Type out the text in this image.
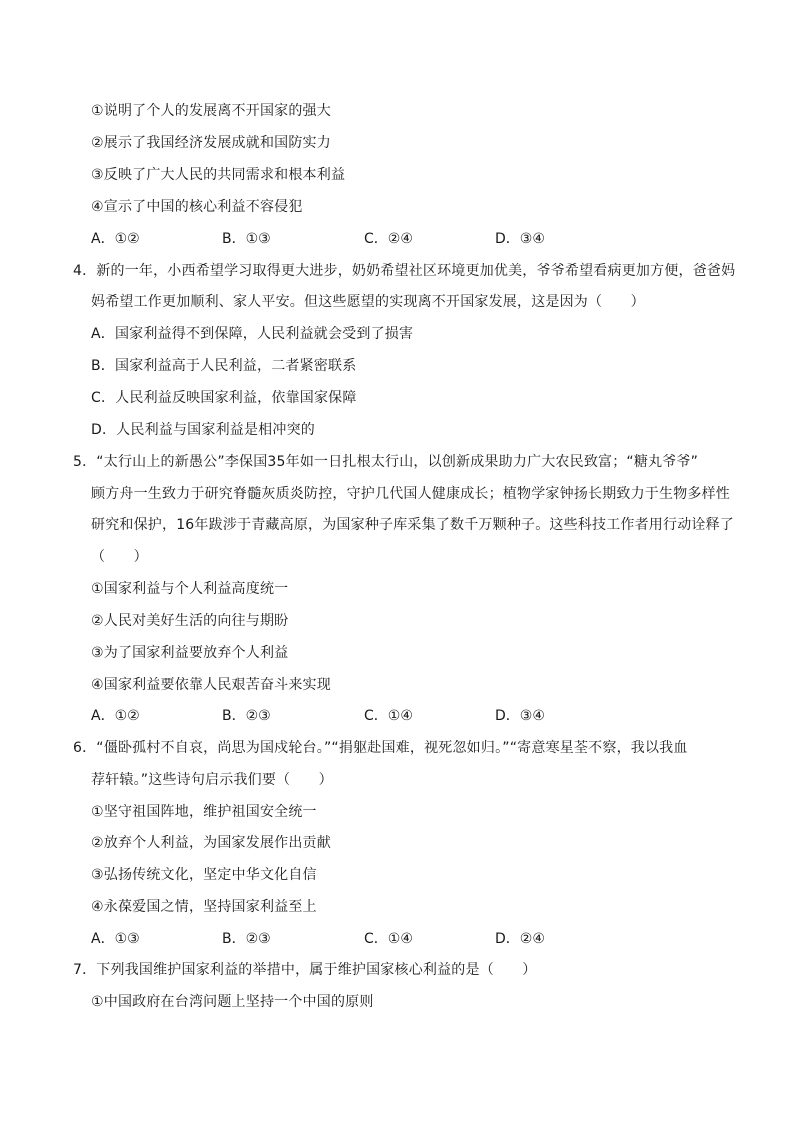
①说明了个人的发展离不开国家的强大
②展示了我国经济发展成就和国防实力
③反映了广大人民的共同需求和根本利益
④宣示了中国的核心利益不容侵犯
A．①②	B．①③	C．②④	D．③④
4．新的一年，小西希望学习取得更大进步，奶奶希望社区环境更加优美，爷爷希望看病更加方便，爸爸妈
妈希望工作更加顺利、家人平安。但这些愿望的实现离不开国家发展，这是因为（　　）
A．国家利益得不到保障，人民利益就会受到了损害
B．国家利益高于人民利益，二者紧密联系
C．人民利益反映国家利益，依靠国家保障
D．人民利益与国家利益是相冲突的
5．“太行山上的新愚公”李保国35年如一日扎根太行山，以创新成果助力广大农民致富；“糖丸爷爷”
顾方舟一生致力于研究脊髓灰质炎防控，守护几代国人健康成长；植物学家钟扬长期致力于生物多样性
研究和保护，16年跋涉于青藏高原，为国家种子库采集了数千万颗种子。这些科技工作者用行动诠释了
（　　）
①国家利益与个人利益高度统一
②人民对美好生活的向往与期盼
③为了国家利益要放弃个人利益
④国家利益要依靠人民艰苦奋斗来实现
A．①②	B．②③	C．①④	D．③④
6．“僵卧孤村不自哀，尚思为国戍轮台。”“捐躯赴国难，视死忽如归。”“寄意寒星荃不察，我以我血
荐轩辕。”这些诗句启示我们要（　　）
①坚守祖国阵地，维护祖国安全统一
②放弃个人利益，为国家发展作出贡献
③弘扬传统文化，坚定中华文化自信
④永葆爱国之情，坚持国家利益至上
A．①③	B．②③	C．①④	D．②④
7．下列我国维护国家利益的举措中，属于维护国家核心利益的是（　　）
①中国政府在台湾问题上坚持一个中国的原则
